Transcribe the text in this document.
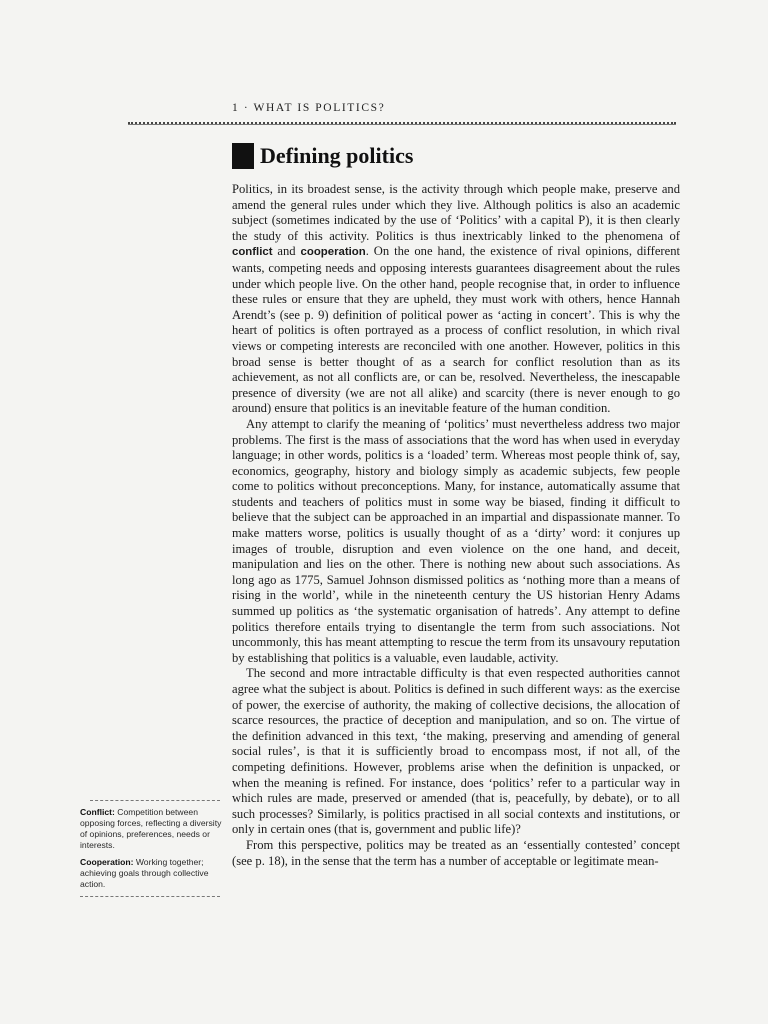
1 · WHAT IS POLITICS?
Defining politics

Politics, in its broadest sense, is the activity through which people make, preserve and amend the general rules under which they live. Although politics is also an academic subject (sometimes indicated by the use of ‘Politics’ with a capital P), it is then clearly the study of this activity. Politics is thus inextricably linked to the phenomena of conflict and cooperation. On the one hand, the existence of rival opinions, different wants, competing needs and opposing interests guarantees disagreement about the rules under which people live. On the other hand, people recognise that, in order to influence these rules or ensure that they are upheld, they must work with others, hence Hannah Arendt’s (see p. 9) definition of political power as ‘acting in concert’. This is why the heart of politics is often portrayed as a process of conflict resolution, in which rival views or competing interests are reconciled with one another. However, politics in this broad sense is better thought of as a search for conflict resolution than as its achievement, as not all conflicts are, or can be, resolved. Nevertheless, the inescapable presence of diversity (we are not all alike) and scarcity (there is never enough to go around) ensure that politics is an inevitable feature of the human condition.

Any attempt to clarify the meaning of ‘politics’ must nevertheless address two major problems. The first is the mass of associations that the word has when used in everyday language; in other words, politics is a ‘loaded’ term. Whereas most people think of, say, economics, geography, history and biology simply as academic subjects, few people come to politics without preconceptions. Many, for instance, automatically assume that students and teachers of politics must in some way be biased, finding it difficult to believe that the subject can be approached in an impartial and dispassionate manner. To make matters worse, politics is usually thought of as a ‘dirty’ word: it conjures up images of trouble, disruption and even violence on the one hand, and deceit, manipulation and lies on the other. There is nothing new about such associations. As long ago as 1775, Samuel Johnson dismissed politics as ‘nothing more than a means of rising in the world’, while in the nineteenth century the US historian Henry Adams summed up politics as ‘the systematic organisation of hatreds’. Any attempt to define politics therefore entails trying to disentangle the term from such associations. Not uncommonly, this has meant attempting to rescue the term from its unsavoury reputation by establishing that politics is a valuable, even laudable, activity.

The second and more intractable difficulty is that even respected authorities cannot agree what the subject is about. Politics is defined in such different ways: as the exercise of power, the exercise of authority, the making of collective decisions, the allocation of scarce resources, the practice of deception and manipulation, and so on. The virtue of the definition advanced in this text, ‘the making, preserving and amending of general social rules’, is that it is sufficiently broad to encompass most, if not all, of the competing definitions. However, problems arise when the definition is unpacked, or when the meaning is refined. For instance, does ‘politics’ refer to a particular way in which rules are made, preserved or amended (that is, peacefully, by debate), or to all such processes? Similarly, is politics practised in all social contexts and institutions, or only in certain ones (that is, government and public life)?

From this perspective, politics may be treated as an ‘essentially contested’ concept (see p. 18), in the sense that the term has a number of acceptable or legitimate mean-

Conflict: Competition between opposing forces, reflecting a diversity of opinions, preferences, needs or interests.

Cooperation: Working together; achieving goals through collective action.
